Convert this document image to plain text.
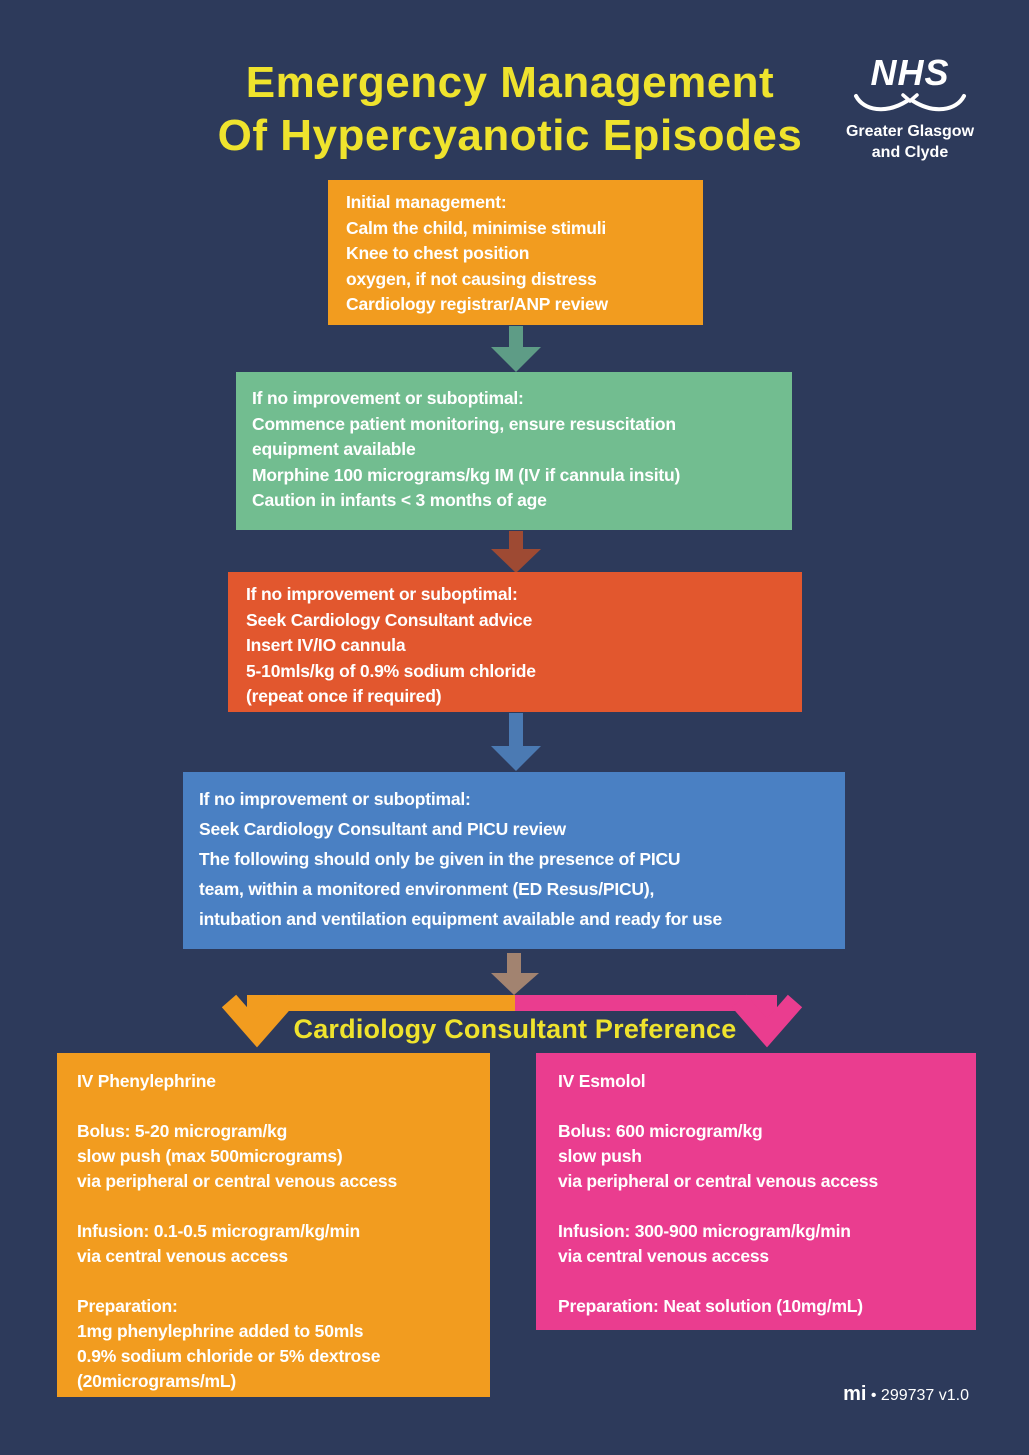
Emergency Management
Of Hypercyanotic Episodes
NHS
Greater Glasgow
and Clyde
Initial management:
Calm the child, minimise stimuli
Knee to chest position
oxygen, if not causing distress
Cardiology registrar/ANP review
If no improvement or suboptimal:
Commence patient monitoring, ensure resuscitation
equipment available
Morphine 100 micrograms/kg IM (IV if cannula insitu)
Caution in infants < 3 months of age
If no improvement or suboptimal:
Seek Cardiology Consultant advice
Insert IV/IO cannula
5-10mls/kg of 0.9% sodium chloride
(repeat once if required)
If no improvement or suboptimal:
Seek Cardiology Consultant and PICU review
The following should only be given in the presence of PICU
team, within a monitored environment (ED Resus/PICU),
intubation and ventilation equipment available and ready for use
Cardiology Consultant Preference
IV Phenylephrine
Bolus: 5-20 microgram/kg
slow push (max 500micrograms)
via peripheral or central venous access
Infusion: 0.1-0.5 microgram/kg/min
via central venous access
Preparation:
1mg phenylephrine added to 50mls
0.9% sodium chloride or 5% dextrose
(20micrograms/mL)
IV Esmolol
Bolus: 600 microgram/kg
slow push
via peripheral or central venous access
Infusion: 300-900 microgram/kg/min
via central venous access
Preparation: Neat solution (10mg/mL)
mi • 299737 v1.0
